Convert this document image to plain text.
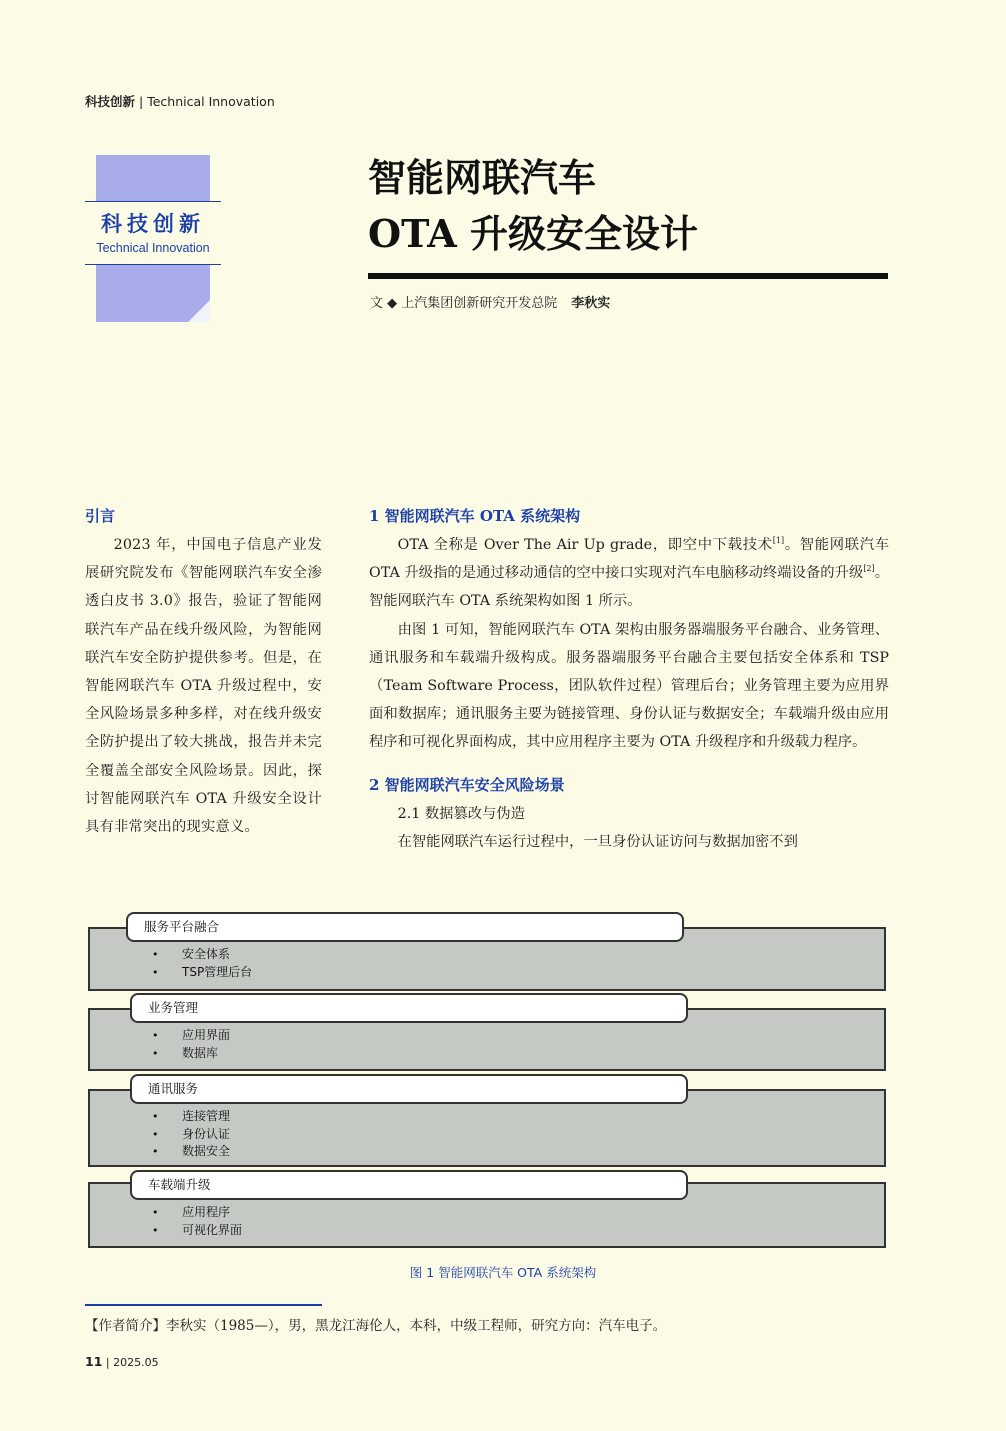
科技创新 | Technical Innovation
科技创新
Technical Innovation
智能网联汽车
OTA 升级安全设计
文 ◆ 上汽集团创新研究开发总院 李秋实
引言

2023 年，中国电子信息产业发展研究院发布《智能网联汽车安全渗透白皮书 3.0》报告，验证了智能网联汽车产品在线升级风险，为智能网联汽车安全防护提供参考。但是，在智能网联汽车 OTA 升级过程中，安全风险场景多种多样，对在线升级安全防护提出了较大挑战，报告并未完全覆盖全部安全风险场景。因此，探讨智能网联汽车 OTA 升级安全设计具有非常突出的现实意义。

1 智能网联汽车 OTA 系统架构

OTA 全称是 Over The Air Up grade，即空中下载技术[1]。智能网联汽车 OTA 升级指的是通过移动通信的空中接口实现对汽车电脑移动终端设备的升级[2]。智能网联汽车 OTA 系统架构如图 1 所示。

由图 1 可知，智能网联汽车 OTA 架构由服务器端服务平台融合、业务管理、通讯服务和车载端升级构成。服务器端服务平台融合主要包括安全体系和 TSP（Team Software Process，团队软件过程）管理后台；业务管理主要为应用界面和数据库；通讯服务主要为链接管理、身份认证与数据安全；车载端升级由应用程序和可视化界面构成，其中应用程序主要为 OTA 升级程序和升级载力程序。

2 智能网联汽车安全风险场景
2.1 数据篡改与伪造

在智能网联汽车运行过程中，一旦身份认证访问与数据加密不到

服务平台融合
• 安全体系
• TSP管理后台
业务管理
• 应用界面
• 数据库
通讯服务
• 连接管理
• 身份认证
• 数据安全
车载端升级
• 应用程序
• 可视化界面
图 1 智能网联汽车 OTA 系统架构
【作者简介】李秋实（1985—），男，黑龙江海伦人，本科，中级工程师，研究方向：汽车电子。
11 | 2025.05
